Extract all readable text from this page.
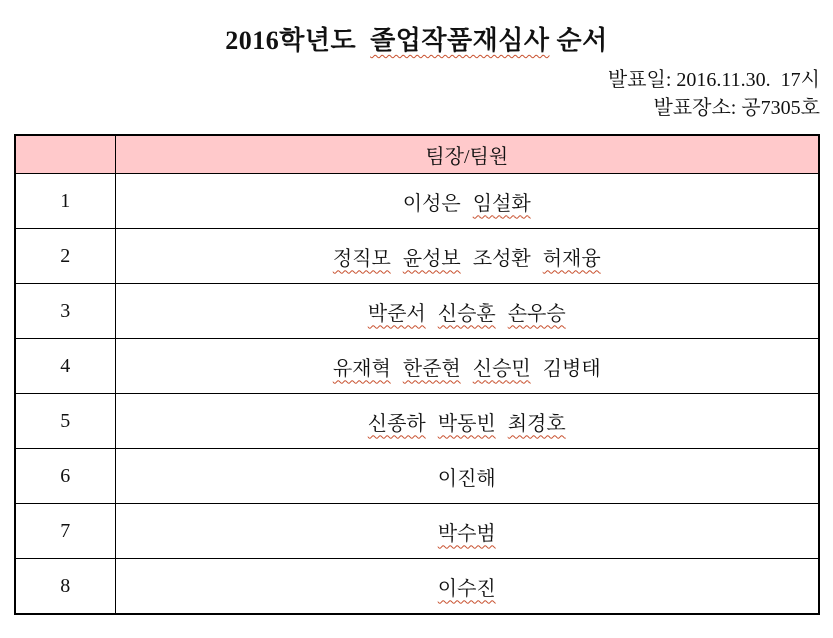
2016학년도  졸업작품재심사 순서
발표일: 2016.11.30.  17시
발표장소: 공7305호
	팀장/팀원
1	이성은 임설화
2	정직모 윤성보 조성환 허재융
3	박준서 신승훈 손우승
4	유재혁 한준현 신승민 김병태
5	신종하 박동빈 최경호
6	이진해
7	박수범
8	이수진
